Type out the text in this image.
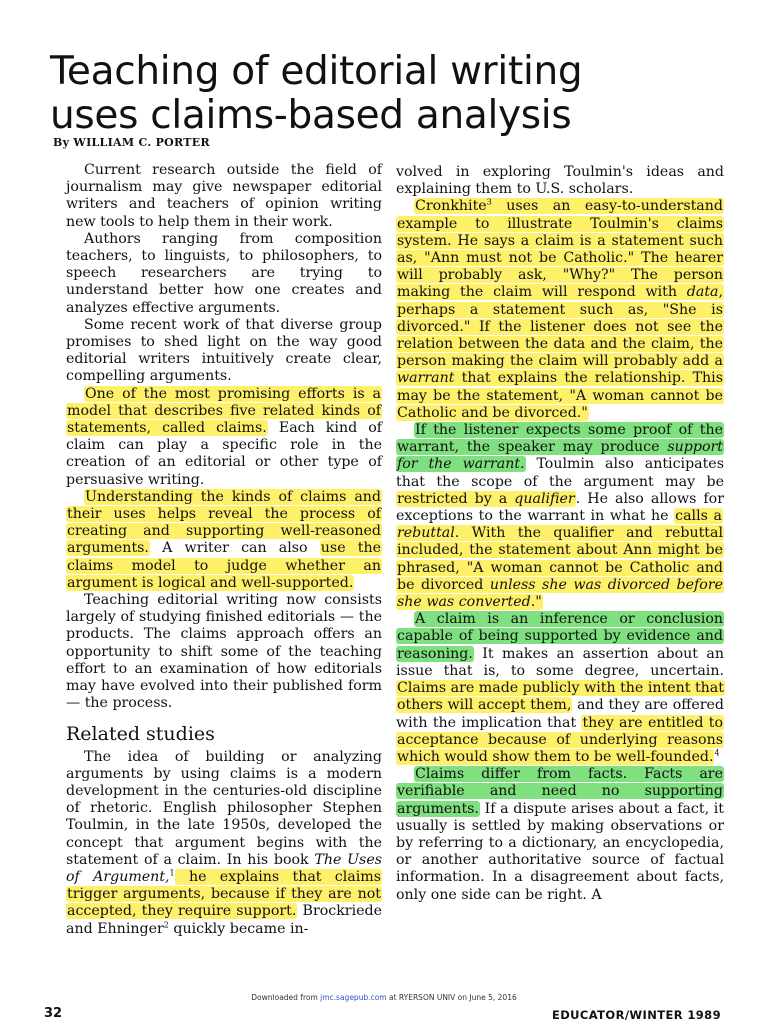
Teaching of editorial writing
uses claims-based analysis
By WILLIAM C. PORTER

Current research outside the field of journalism may give newspaper editorial writers and teachers of opinion writing new tools to help them in their work.

Authors ranging from composition teachers, to linguists, to philosophers, to speech researchers are trying to understand better how one creates and analyzes effective arguments.

Some recent work of that diverse group promises to shed light on the way good editorial writers intuitively create clear, compelling arguments.

One of the most promising efforts is a model that describes five related kinds of statements, called claims. Each kind of claim can play a specific role in the creation of an editorial or other type of persuasive writing.

Understanding the kinds of claims and their uses helps reveal the process of creating and supporting well-reasoned arguments. A writer can also use the claims model to judge whether an argument is logical and well-supported.

Teaching editorial writing now consists largely of studying finished editorials — the products. The claims approach offers an opportunity to shift some of the teaching effort to an examination of how editorials may have evolved into their published form — the process.

Related studies

The idea of building or analyzing arguments by using claims is a modern development in the centuries-old discipline of rhetoric. English philosopher Stephen Toulmin, in the late 1950s, developed the concept that argument begins with the statement of a claim. In his book The Uses of Argument,$^1$ he explains that claims trigger arguments, because if they are not accepted, they require support. Brockriede and Ehninger$^2$ quickly became in-

volved in exploring Toulmin's ideas and explaining them to U.S. scholars.

Cronkhite$^3$ uses an easy-to-understand example to illustrate Toulmin's claims system. He says a claim is a statement such as, "Ann must not be Catholic." The hearer will probably ask, "Why?" The person making the claim will respond with data, perhaps a statement such as, "She is divorced." If the listener does not see the relation between the data and the claim, the person making the claim will probably add a warrant that explains the relationship. This may be the statement, "A woman cannot be Catholic and be divorced."

If the listener expects some proof of the warrant, the speaker may produce support for the warrant. Toulmin also anticipates that the scope of the argument may be restricted by a qualifier. He also allows for exceptions to the warrant in what he calls a rebuttal. With the qualifier and rebuttal included, the statement about Ann might be phrased, "A woman cannot be Catholic and be divorced unless she was divorced before she was converted."

A claim is an inference or conclusion capable of being supported by evidence and reasoning. It makes an assertion about an issue that is, to some degree, uncertain. Claims are made publicly with the intent that others will accept them, and they are offered with the implication that they are entitled to acceptance because of underlying reasons which would show them to be well-founded.$^4$

Claims differ from facts. Facts are verifiable and need no supporting arguments. If a dispute arises about a fact, it usually is settled by making observations or by referring to a dictionary, an encyclopedia, or another authoritative source of factual information. In a disagreement about facts, only one side can be right. A

Downloaded from jmc.sagepub.com at RYERSON UNIV on June 5, 2016
32	EDUCATOR/WINTER 1989
